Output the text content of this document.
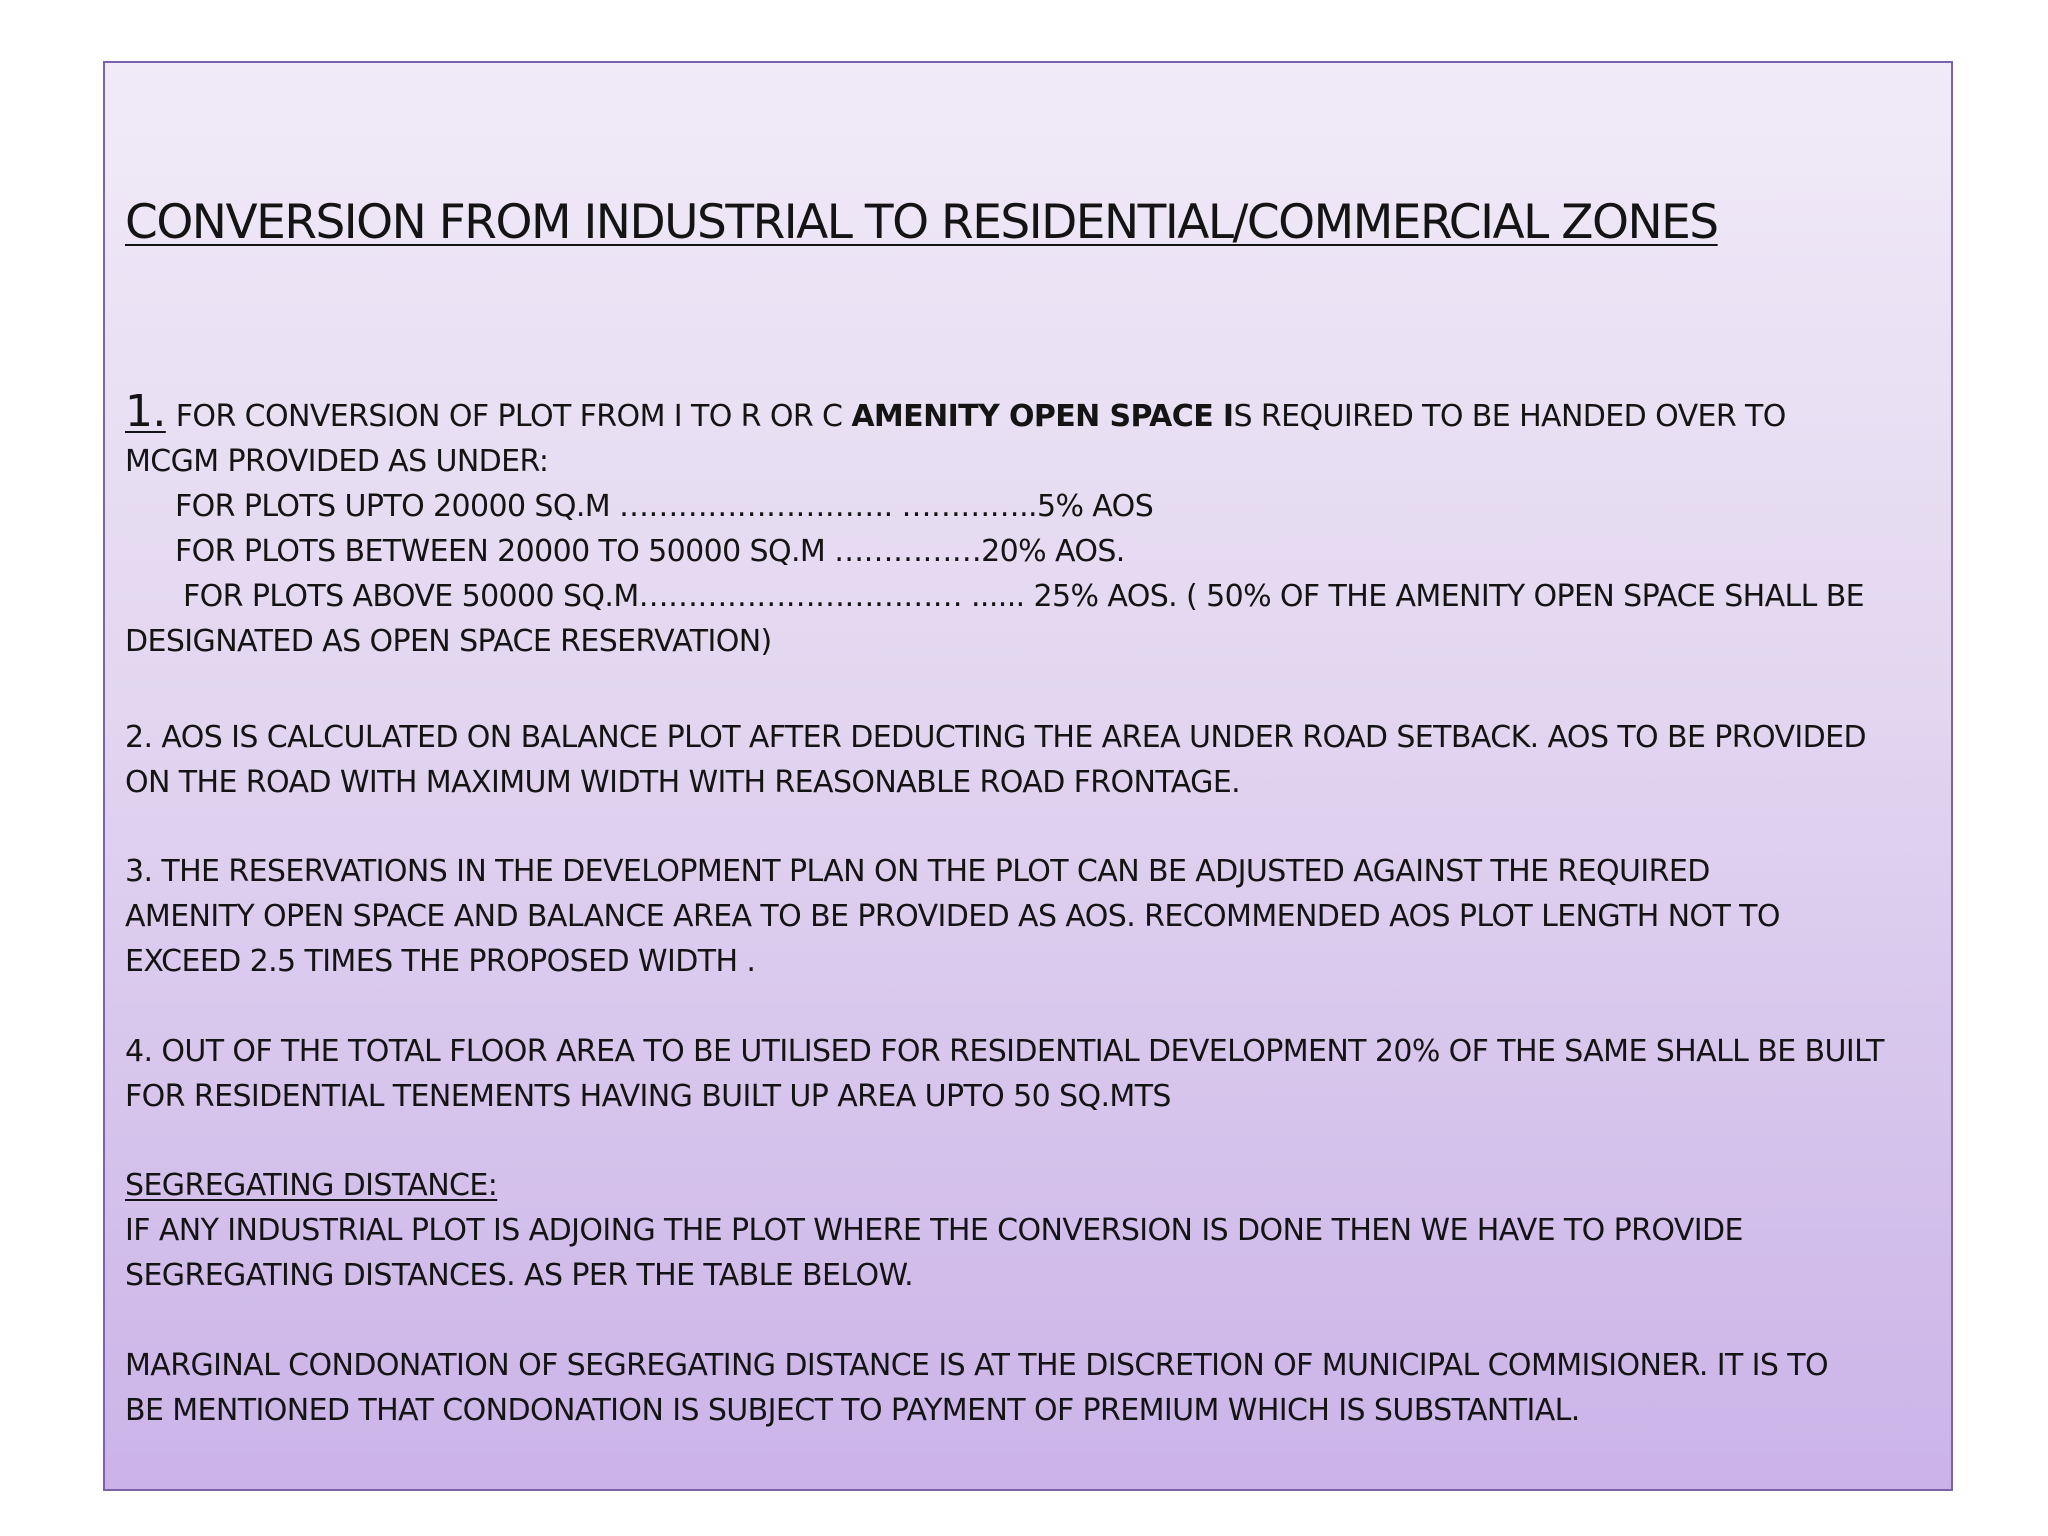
CONVERSION FROM INDUSTRIAL TO RESIDENTIAL/COMMERCIAL ZONES
1. FOR CONVERSION OF PLOT FROM I TO R OR C AMENITY OPEN SPACE IS REQUIRED TO BE HANDED OVER TO
MCGM PROVIDED AS UNDER:
FOR PLOTS UPTO 20000 SQ.M ………………………. …………..5% AOS
FOR PLOTS BETWEEN 20000 TO 50000 SQ.M ……………20% AOS.
FOR PLOTS ABOVE 50000 SQ.M…………………………… ...... 25% AOS. ( 50% OF THE AMENITY OPEN SPACE SHALL BE
DESIGNATED AS OPEN SPACE RESERVATION)
2. AOS IS CALCULATED ON BALANCE PLOT AFTER DEDUCTING THE AREA UNDER ROAD SETBACK. AOS TO BE PROVIDED
ON THE ROAD WITH MAXIMUM WIDTH WITH REASONABLE ROAD FRONTAGE.
3. THE RESERVATIONS IN THE DEVELOPMENT PLAN ON THE PLOT CAN BE ADJUSTED AGAINST THE REQUIRED
AMENITY OPEN SPACE AND BALANCE AREA TO BE PROVIDED AS AOS. RECOMMENDED AOS PLOT LENGTH NOT TO
EXCEED 2.5 TIMES THE PROPOSED WIDTH .
4. OUT OF THE TOTAL FLOOR AREA TO BE UTILISED FOR RESIDENTIAL DEVELOPMENT 20% OF THE SAME SHALL BE BUILT
FOR RESIDENTIAL TENEMENTS HAVING BUILT UP AREA UPTO 50 SQ.MTS
SEGREGATING DISTANCE:
IF ANY INDUSTRIAL PLOT IS ADJOING THE PLOT WHERE THE CONVERSION IS DONE THEN WE HAVE TO PROVIDE
SEGREGATING DISTANCES. AS PER THE TABLE BELOW.
MARGINAL CONDONATION OF SEGREGATING DISTANCE IS AT THE DISCRETION OF MUNICIPAL COMMISIONER. IT IS TO
BE MENTIONED THAT CONDONATION IS SUBJECT TO PAYMENT OF PREMIUM WHICH IS SUBSTANTIAL.
